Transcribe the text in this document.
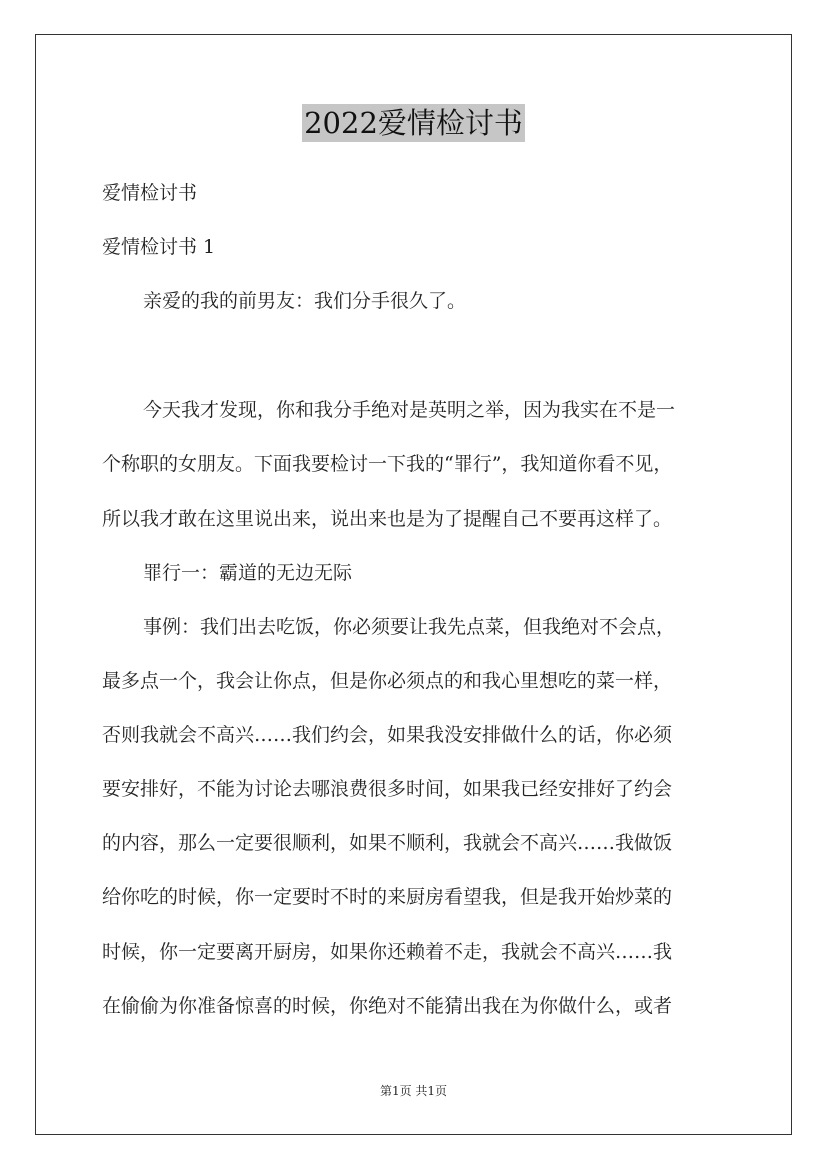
2022爱情检讨书
爱情检讨书
爱情检讨书 1
亲爱的我的前男友：我们分手很久了。
今天我才发现，你和我分手绝对是英明之举，因为我实在不是一
个称职的女朋友。下面我要检讨一下我的“罪行”，我知道你看不见，
所以我才敢在这里说出来，说出来也是为了提醒自己不要再这样了。
罪行一：霸道的无边无际
事例：我们出去吃饭，你必须要让我先点菜，但我绝对不会点，
最多点一个，我会让你点，但是你必须点的和我心里想吃的菜一样，
否则我就会不高兴……我们约会，如果我没安排做什么的话，你必须
要安排好，不能为讨论去哪浪费很多时间，如果我已经安排好了约会
的内容，那么一定要很顺利，如果不顺利，我就会不高兴……我做饭
给你吃的时候，你一定要时不时的来厨房看望我，但是我开始炒菜的
时候，你一定要离开厨房，如果你还赖着不走，我就会不高兴……我
在偷偷为你准备惊喜的时候，你绝对不能猜出我在为你做什么，或者
第1页 共1页
